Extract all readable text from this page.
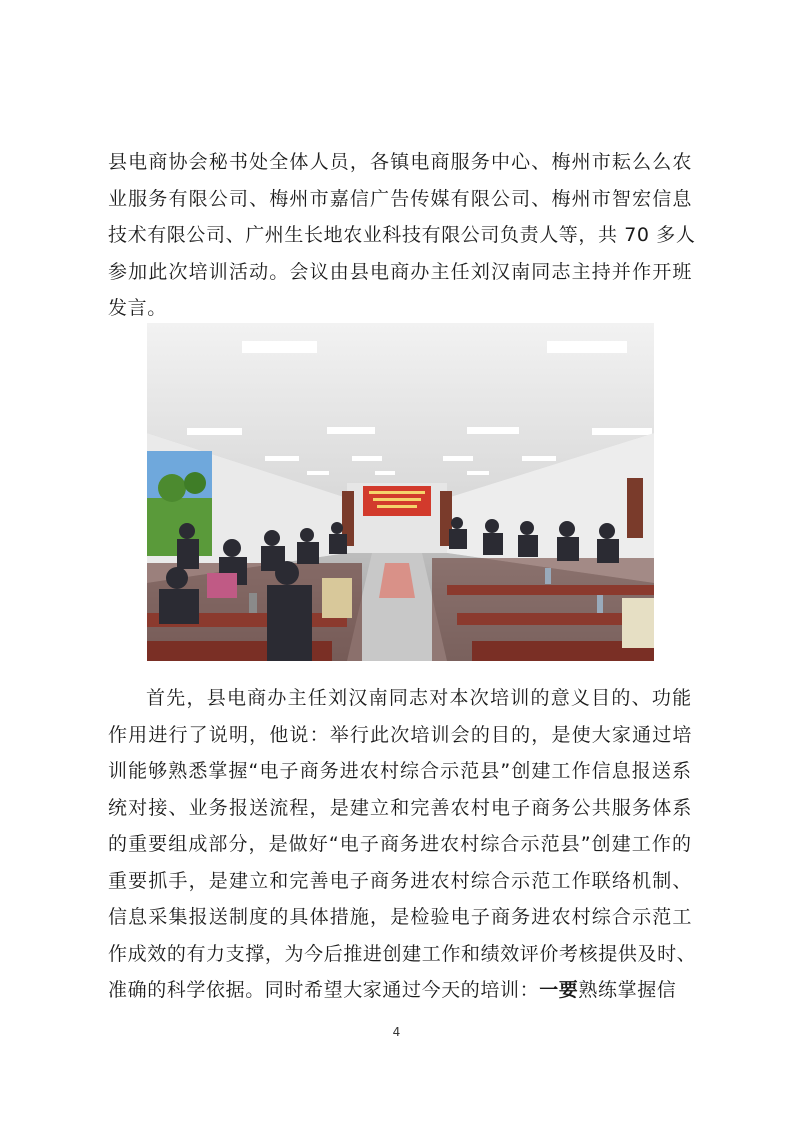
县 电 商 协 会 秘 书 处 全 体 人 员 ， 各 镇 电 商 服 务 中 心 、 梅 州 市 耘 么 么 农
业 服 务 有 限 公 司 、 梅 州 市 嘉 信 广 告 传 媒 有 限 公 司 、 梅 州 市 智 宏 信 息
技术有限公司、广州生长地农业科技有限公司负责人等，共 70 多人
参 加 此 次 培 训 活 动 。 会 议 由 县 电 商 办 主 任 刘 汉 南 同 志 主 持 并 作 开 班
发言。
首 先 ， 县 电 商 办 主 任 刘 汉 南 同 志 对 本 次 培 训 的 意 义 目 的 、 功 能
作 用 进 行 了 说 明 ， 他 说 ： 举 行 此 次 培 训 会 的 目 的 ， 是 使 大 家 通 过 培
训 能 够 熟 悉 掌 握 “ 电 子 商 务 进 农 村 综 合 示 范 县 ” 创 建 工 作 信 息 报 送 系
统 对 接 、 业 务 报 送 流 程 ， 是 建 立 和 完 善 农 村 电 子 商 务 公 共 服 务 体 系
的 重 要 组 成 部 分 ， 是 做 好 “ 电 子 商 务 进 农 村 综 合 示 范 县 ” 创 建 工 作 的
重 要 抓 手 ， 是 建 立 和 完 善 电 子 商 务 进 农 村 综 合 示 范 工 作 联 络 机 制 、
信 息 采 集 报 送 制 度 的 具 体 措 施 ， 是 检 验 电 子 商 务 进 农 村 综 合 示 范 工
作 成 效 的 有 力 支 撑 ， 为 今 后 推 进 创 建 工 作 和 绩 效 评 价 考 核 提 供 及 时 、
准确的科学依据。同时希望大家通过今天的培训：一要熟练掌握信
4
